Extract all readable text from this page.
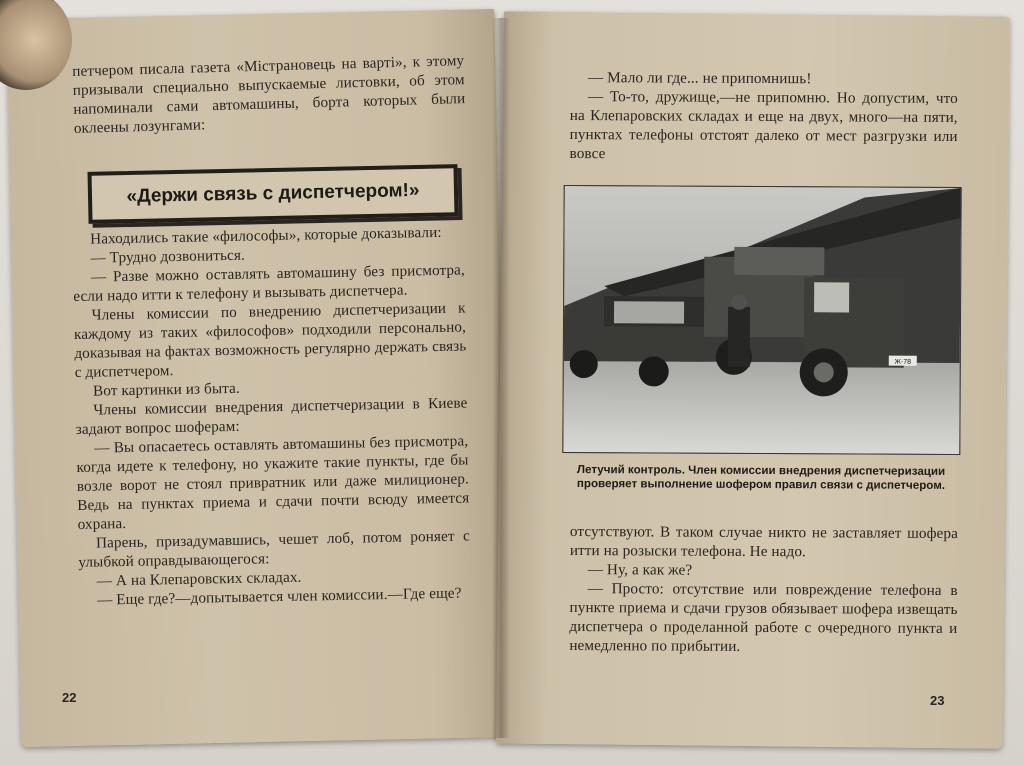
петчером писала газета «Містрановець на варті», к этому призывали специально выпускаемые листовки, об этом напоминали сами автомашины, борта которых были оклеены лозунгами:

«Держи связь с диспетчером!»

Находились такие «философы», которые доказывали:

— Трудно дозвониться.

— Разве можно оставлять автомашину без присмотра, если надо итти к телефону и вызывать диспетчера.

Члены комиссии по внедрению диспетчеризации к каждому из таких «философов» подходили персонально, доказывая на фактах возможность регулярно держать связь с диспетчером.

Вот картинки из быта.

Члены комиссии внедрения диспетчеризации в Киеве задают вопрос шоферам:

— Вы опасаетесь оставлять автомашины без присмотра, когда идете к телефону, но укажите такие пункты, где бы возле ворот не стоял привратник или даже милиционер. Ведь на пунктах приема и сдачи почти всюду имеется охрана.

Парень, призадумавшись, чешет лоб, потом роняет с улыбкой оправдывающегося:

— А на Клепаровских складах.

— Еще где?—допытывается член комиссии.—Где еще?

22

— Мало ли где... не припомнишь!

— То-то, дружище,—не припомню. Но допустим, что на Клепаровских складах и еще на двух, много—на пяти, пунктах телефоны отстоят далеко от мест разгрузки или вовсе

Ж-78
Летучий контроль. Член комиссии внедрения диспетчеризации проверяет выполнение шофером правил связи с диспетчером.

отсутствуют. В таком случае никто не заставляет шофера итти на розыски телефона. Не надо.

— Ну, а как же?

— Просто: отсутствие или повреждение телефона в пункте приема и сдачи грузов обязывает шофера извещать диспетчера о проделанной работе с очередного пункта и немедленно по прибытии.

23
